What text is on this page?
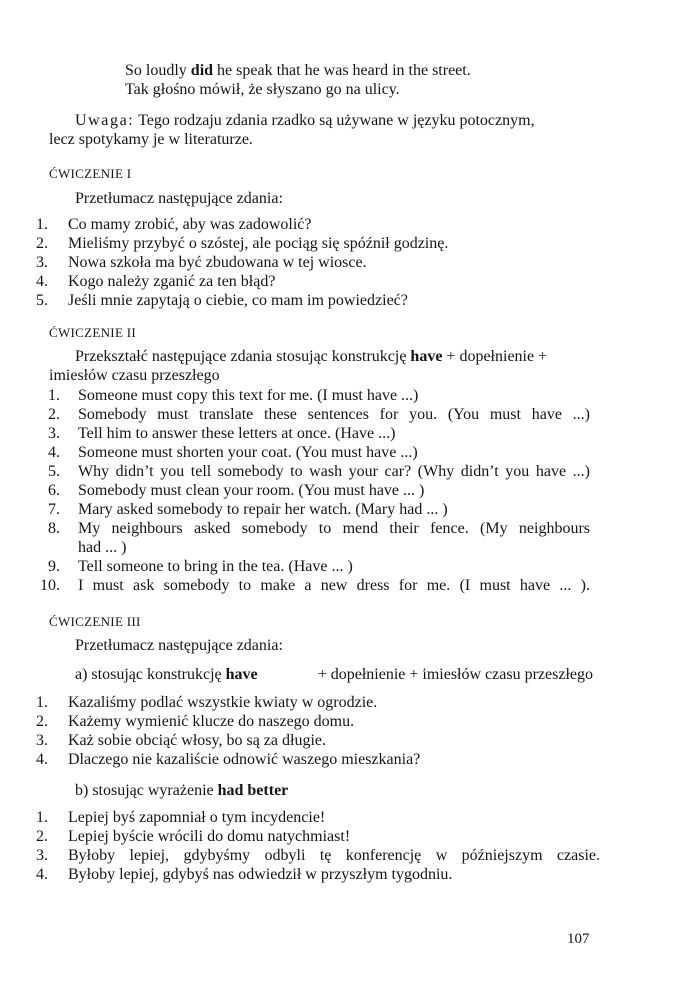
So loudly did he speak that he was heard in the street.
Tak głośno mówił, że słyszano go na ulicy.
Uwaga: Tego rodzaju zdania rzadko są używane w języku potocznym,
lecz spotykamy je w literaturze.
ĆWICZENIE I
Przetłumacz następujące zdania:
1. Co mamy zrobić, aby was zadowolić?
2. Mieliśmy przybyć o szóstej, ale pociąg się spóźnił godzinę.
3. Nowa szkoła ma być zbudowana w tej wiosce.
4. Kogo należy zganić za ten błąd?
5. Jeśli mnie zapytają o ciebie, co mam im powiedzieć?
ĆWICZENIE II
Przekształć następujące zdania stosując konstrukcję have + dopełnienie +
imiesłów czasu przeszłego
1. Someone must copy this text for me. (I must have ...)
2. Somebody must translate these sentences for you. (You must have ...)
3. Tell him to answer these letters at once. (Have ...)
4. Someone must shorten your coat. (You must have ...)
5. Why didn’t you tell somebody to wash your car? (Why didn’t you have ...)
6. Somebody must clean your room. (You must have ... )
7. Mary asked somebody to repair her watch. (Mary had ... )
8. My neighbours asked somebody to mend their fence. (My neighbours
had ... )
9. Tell someone to bring in the tea. (Have ... )
10. I must ask somebody to make a new dress for me. (I must have ... ).
ĆWICZENIE III
Przetłumacz następujące zdania:
a) stosując konstrukcję have	+ dopełnienie + imiesłów czasu przeszłego
1. Kazaliśmy podlać wszystkie kwiaty w ogrodzie.
2. Każemy wymienić klucze do naszego domu.
3. Każ sobie obciąć włosy, bo są za długie.
4. Dlaczego nie kazaliście odnowić waszego mieszkania?
b) stosując wyrażenie had better
1. Lepiej byś zapomniał o tym incydencie!
2. Lepiej byście wrócili do domu natychmiast!
3. Byłoby lepiej, gdybyśmy odbyli tę konferencję w późniejszym czasie.
4. Byłoby lepiej, gdybyś nas odwiedził w przyszłym tygodniu.
107
